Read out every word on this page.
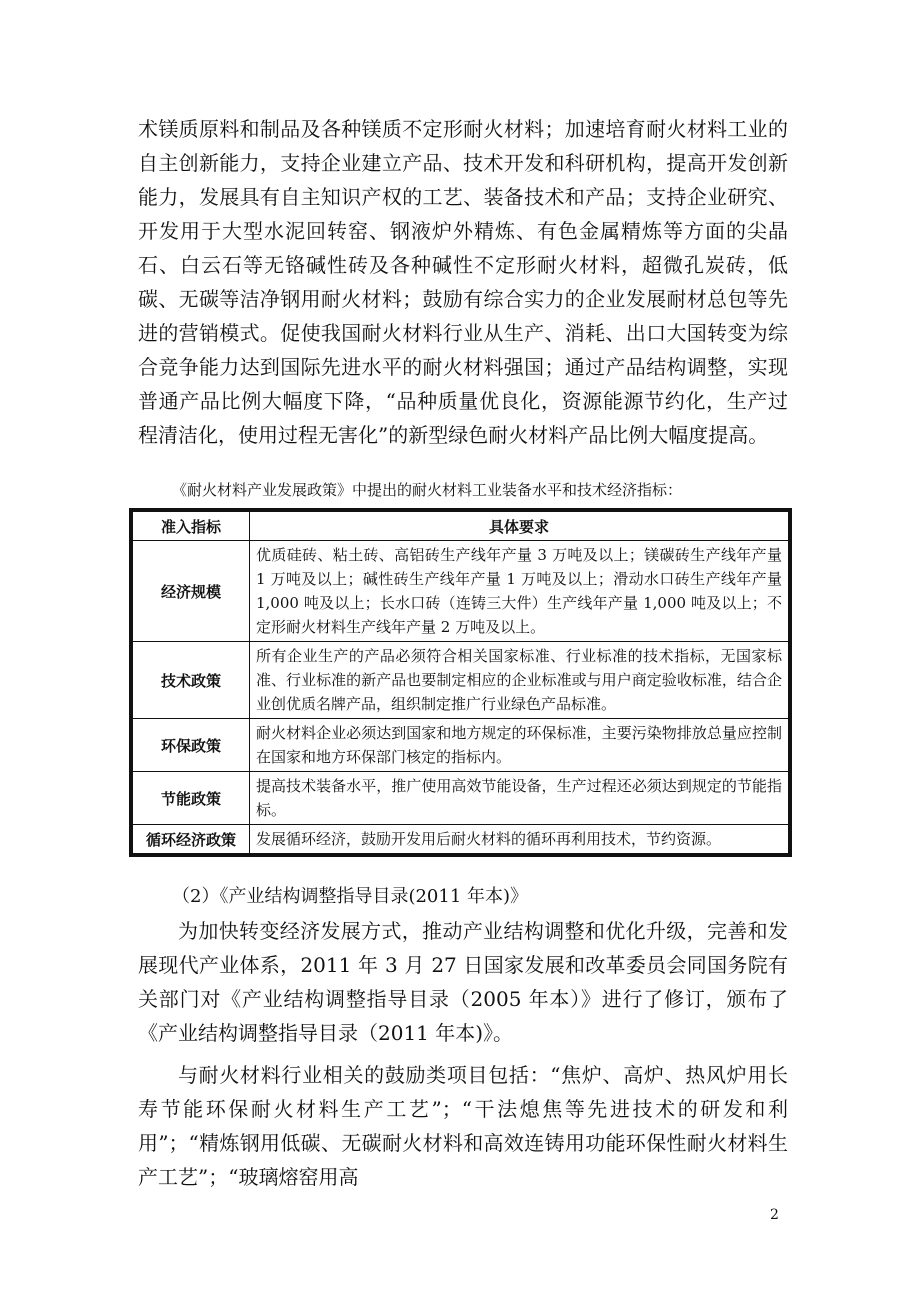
术镁质原料和制品及各种镁质不定形耐火材料；加速培育耐火材料工业的自主创新能力，支持企业建立产品、技术开发和科研机构，提高开发创新能力，发展具有自主知识产权的工艺、装备技术和产品；支持企业研究、开发用于大型水泥回转窑、钢液炉外精炼、有色金属精炼等方面的尖晶石、白云石等无铬碱性砖及各种碱性不定形耐火材料，超微孔炭砖，低碳、无碳等洁净钢用耐火材料；鼓励有综合实力的企业发展耐材总包等先进的营销模式。促使我国耐火材料行业从生产、消耗、出口大国转变为综合竞争能力达到国际先进水平的耐火材料强国；通过产品结构调整，实现普通产品比例大幅度下降，“品种质量优良化，资源能源节约化，生产过程清洁化，使用过程无害化”的新型绿色耐火材料产品比例大幅度提高。

《耐火材料产业发展政策》中提出的耐火材料工业装备水平和技术经济指标：

准入指标	具体要求
经济规模	优质硅砖、粘土砖、高铝砖生产线年产量 3 万吨及以上；镁碳砖生产线年产量 1 万吨及以上；碱性砖生产线年产量 1 万吨及以上；滑动水口砖生产线年产量 1,000 吨及以上；长水口砖（连铸三大件）生产线年产量 1,000 吨及以上；不定形耐火材料生产线年产量 2 万吨及以上。
技术政策	所有企业生产的产品必须符合相关国家标准、行业标准的技术指标，无国家标准、行业标准的新产品也要制定相应的企业标准或与用户商定验收标准，结合企业创优质名牌产品，组织制定推广行业绿色产品标准。
环保政策	耐火材料企业必须达到国家和地方规定的环保标准，主要污染物排放总量应控制在国家和地方环保部门核定的指标内。
节能政策	提高技术装备水平，推广使用高效节能设备，生产过程还必须达到规定的节能指标。
循环经济政策	发展循环经济，鼓励开发用后耐火材料的循环再利用技术，节约资源。

（2）《产业结构调整指导目录(2011 年本)》

为加快转变经济发展方式，推动产业结构调整和优化升级，完善和发展现代产业体系，2011 年 3 月 27 日国家发展和改革委员会同国务院有关部门对《产业结构调整指导目录（2005 年本）》进行了修订，颁布了《产业结构调整指导目录（2011 年本)》。

与耐火材料行业相关的鼓励类项目包括：“焦炉、高炉、热风炉用长寿节能环保耐火材料生产工艺”；“干法熄焦等先进技术的研发和利用”；“精炼钢用低碳、无碳耐火材料和高效连铸用功能环保性耐火材料生产工艺”；“玻璃熔窑用高

2
